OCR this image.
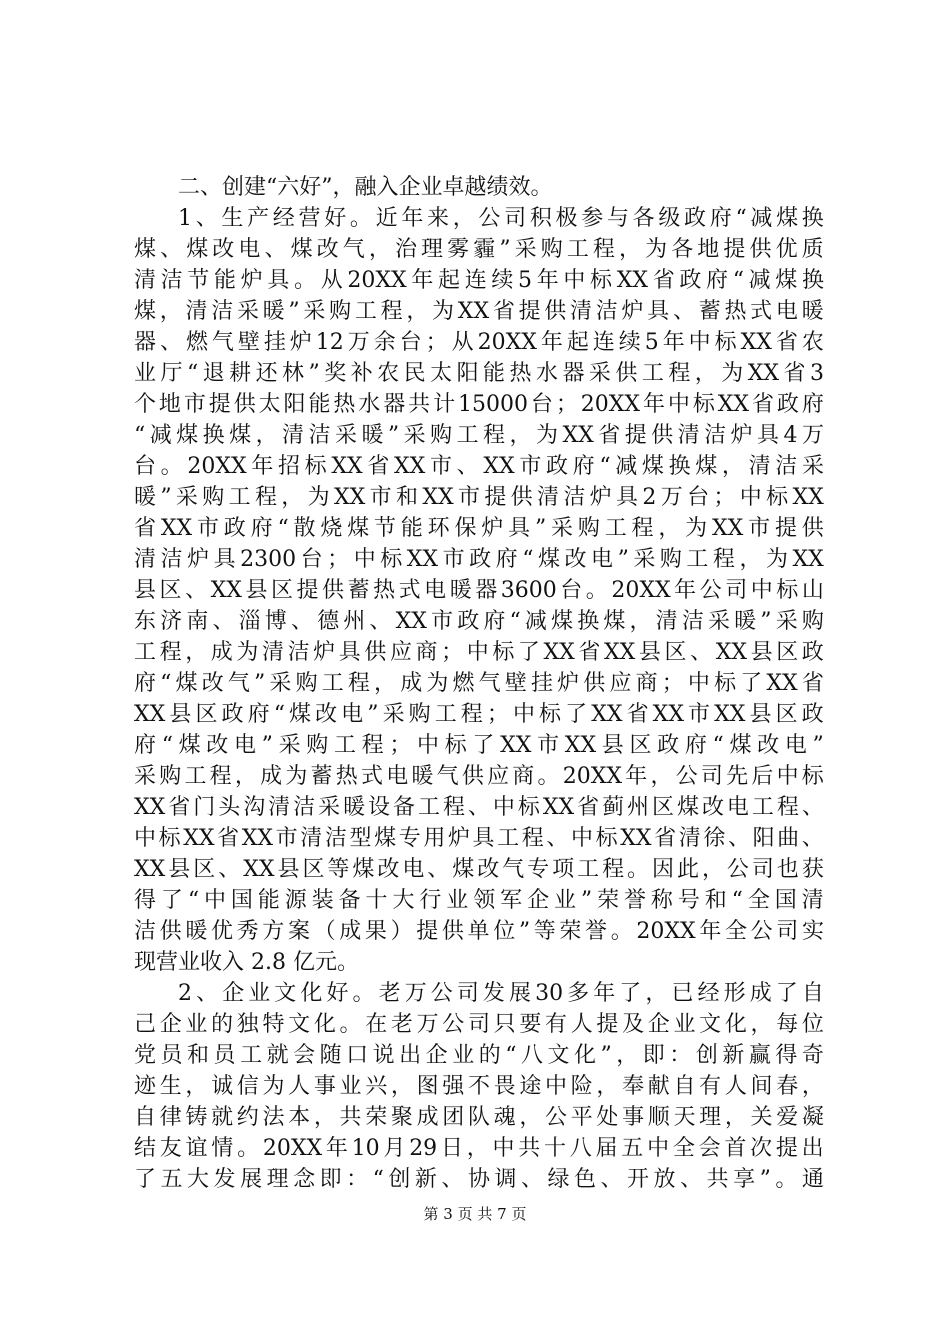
二、创建“六好”，融入企业卓越绩效。
1 、 生 产 经 营 好 。 近 年 来 ， 公 司 积 极 参 与 各 级 政 府 “ 减 煤 换
煤 、 煤 改 电 、 煤 改 气 ， 治 理 雾 霾 ” 采 购 工 程 ， 为 各 地 提 供 优 质
清 洁 节 能 炉 具 。 从 20XX 年 起 连 续 5 年 中 标 XX 省 政 府 “ 减 煤 换
煤 ， 清 洁 采 暖 ” 采 购 工 程 ， 为 XX 省 提 供 清 洁 炉 具 、 蓄 热 式 电 暖
器 、 燃 气 壁 挂 炉 12 万 余 台 ； 从 20XX 年 起 连 续 5 年 中 标 XX 省 农
业 厅 “ 退 耕 还 林 ” 奖 补 农 民 太 阳 能 热 水 器 采 供 工 程 ， 为 XX 省 3
个 地 市 提 供 太 阳 能 热 水 器 共 计 15000 台 ； 20XX 年 中 标 XX 省 政 府
“ 减 煤 换 煤 ， 清 洁 采 暖 ” 采 购 工 程 ， 为 XX 省 提 供 清 洁 炉 具 4 万
台 。 20XX 年 招 标 XX 省 XX 市 、 XX 市 政 府 “ 减 煤 换 煤 ， 清 洁 采
暖 ” 采 购 工 程 ， 为 XX 市 和 XX 市 提 供 清 洁 炉 具 2 万 台 ； 中 标 XX
省 XX 市 政 府 “ 散 烧 煤 节 能 环 保 炉 具 ” 采 购 工 程 ， 为 XX 市 提 供
清 洁 炉 具 2300 台 ； 中 标 XX 市 政 府 “ 煤 改 电 ” 采 购 工 程 ， 为 XX
县 区 、 XX 县 区 提 供 蓄 热 式 电 暖 器 3600 台 。 20XX 年 公 司 中 标 山
东 济 南 、 淄 博 、 德 州 、 XX 市 政 府 “ 减 煤 换 煤 ， 清 洁 采 暖 ” 采 购
工 程 ， 成 为 清 洁 炉 具 供 应 商 ； 中 标 了 XX 省 XX 县 区 、 XX 县 区 政
府 “ 煤 改 气 ” 采 购 工 程 ， 成 为 燃 气 壁 挂 炉 供 应 商 ； 中 标 了 XX 省
XX 县 区 政 府 “ 煤 改 电 ” 采 购 工 程 ； 中 标 了 XX 省 XX 市 XX 县 区 政
府 “ 煤 改 电 ” 采 购 工 程 ； 中 标 了 XX 市 XX 县 区 政 府 “ 煤 改 电 ”
采 购 工 程 ， 成 为 蓄 热 式 电 暖 气 供 应 商 。 20XX 年 ， 公 司 先 后 中 标
XX 省 门 头 沟 清 洁 采 暖 设 备 工 程 、 中 标 XX 省 蓟 州 区 煤 改 电 工 程 、
中 标 XX 省 XX 市 清 洁 型 煤 专 用 炉 具 工 程 、 中 标 XX 省 清 徐 、 阳 曲 、
XX 县 区 、 XX 县 区 等 煤 改 电 、 煤 改 气 专 项 工 程 。 因 此 ， 公 司 也 获
得 了 “ 中 国 能 源 装 备 十 大 行 业 领 军 企 业 ” 荣 誉 称 号 和 “ 全 国 清
洁 供 暖 优 秀 方 案 （ 成 果 ） 提 供 单 位 ” 等 荣 誉 。 20XX 年 全 公 司 实
现营业收入 2.8 亿元。
2 、 企 业 文 化 好 。 老 万 公 司 发 展 30 多 年 了 ， 已 经 形 成 了 自
己 企 业 的 独 特 文 化 。 在 老 万 公 司 只 要 有 人 提 及 企 业 文 化 ， 每 位
党 员 和 员 工 就 会 随 口 说 出 企 业 的 “ 八 文 化 ” ， 即 ： 创 新 赢 得 奇
迹 生 ， 诚 信 为 人 事 业 兴 ， 图 强 不 畏 途 中 险 ， 奉 献 自 有 人 间 春 ，
自 律 铸 就 约 法 本 ， 共 荣 聚 成 团 队 魂 ， 公 平 处 事 顺 天 理 ， 关 爱 凝
结 友 谊 情 。 20XX 年 10 月 29 日 ， 中 共 十 八 届 五 中 全 会 首 次 提 出
了 五 大 发 展 理 念 即 ： “ 创 新 、 协 调 、 绿 色 、 开 放 、 共 享 ” 。 通
第 3 页 共 7 页
